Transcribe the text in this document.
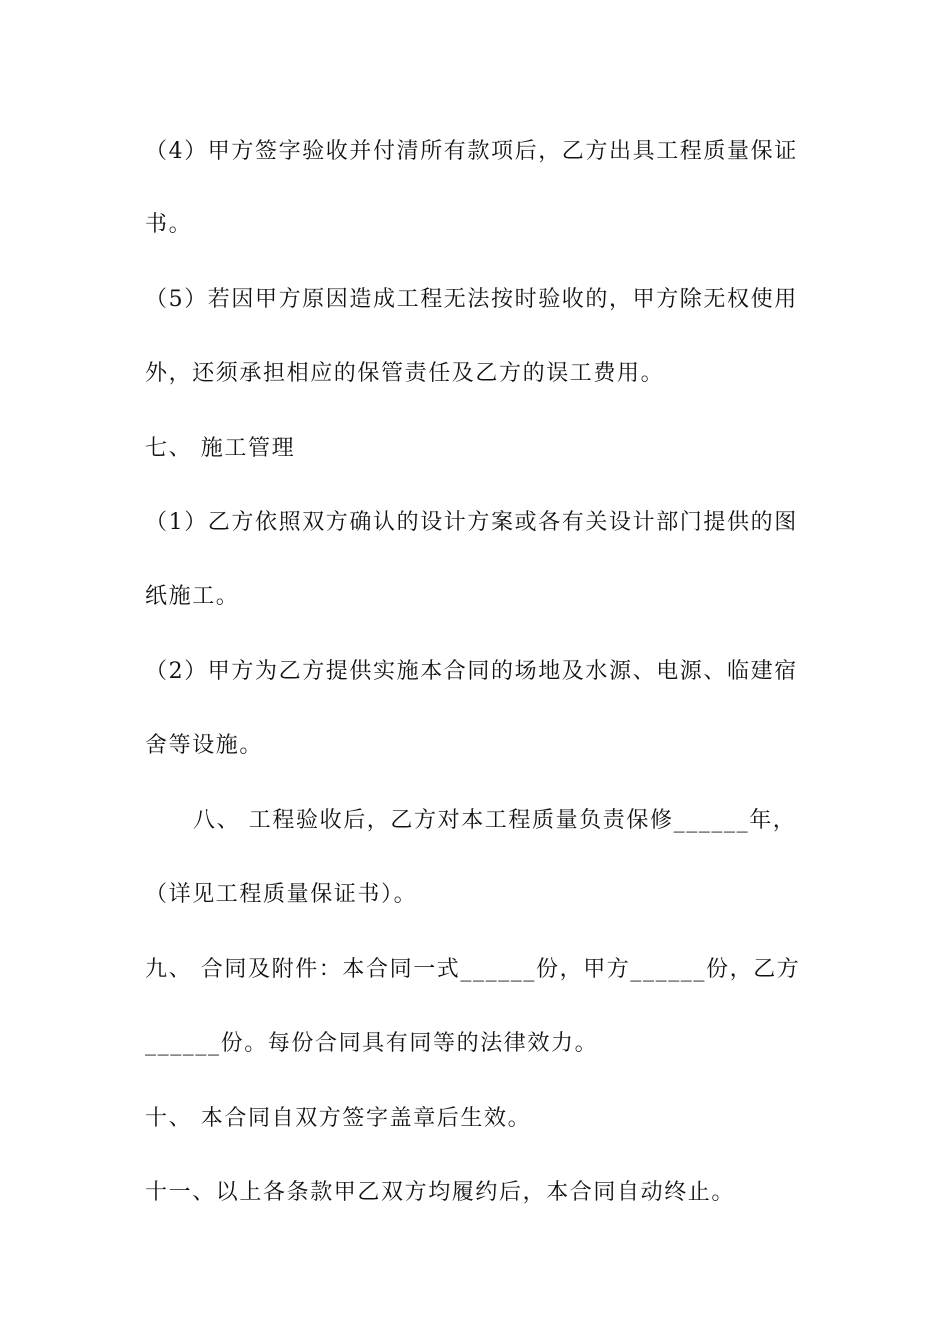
（4）甲方签字验收并付清所有款项后，乙方出具工程质量保证
书。
（5）若因甲方原因造成工程无法按时验收的，甲方除无权使用
外，还须承担相应的保管责任及乙方的误工费用。
七、 施工管理
（1）乙方依照双方确认的设计方案或各有关设计部门提供的图
纸施工。
（2）甲方为乙方提供实施本合同的场地及水源、电源、临建宿
舍等设施。
八、 工程验收后，乙方对本工程质量负责保修______年，
（详见工程质量保证书）。
九、 合同及附件：本合同一式______份，甲方______份，乙方
______份。每份合同具有同等的法律效力。
十、 本合同自双方签字盖章后生效。
十一、以上各条款甲乙双方均履约后，本合同自动终止。
